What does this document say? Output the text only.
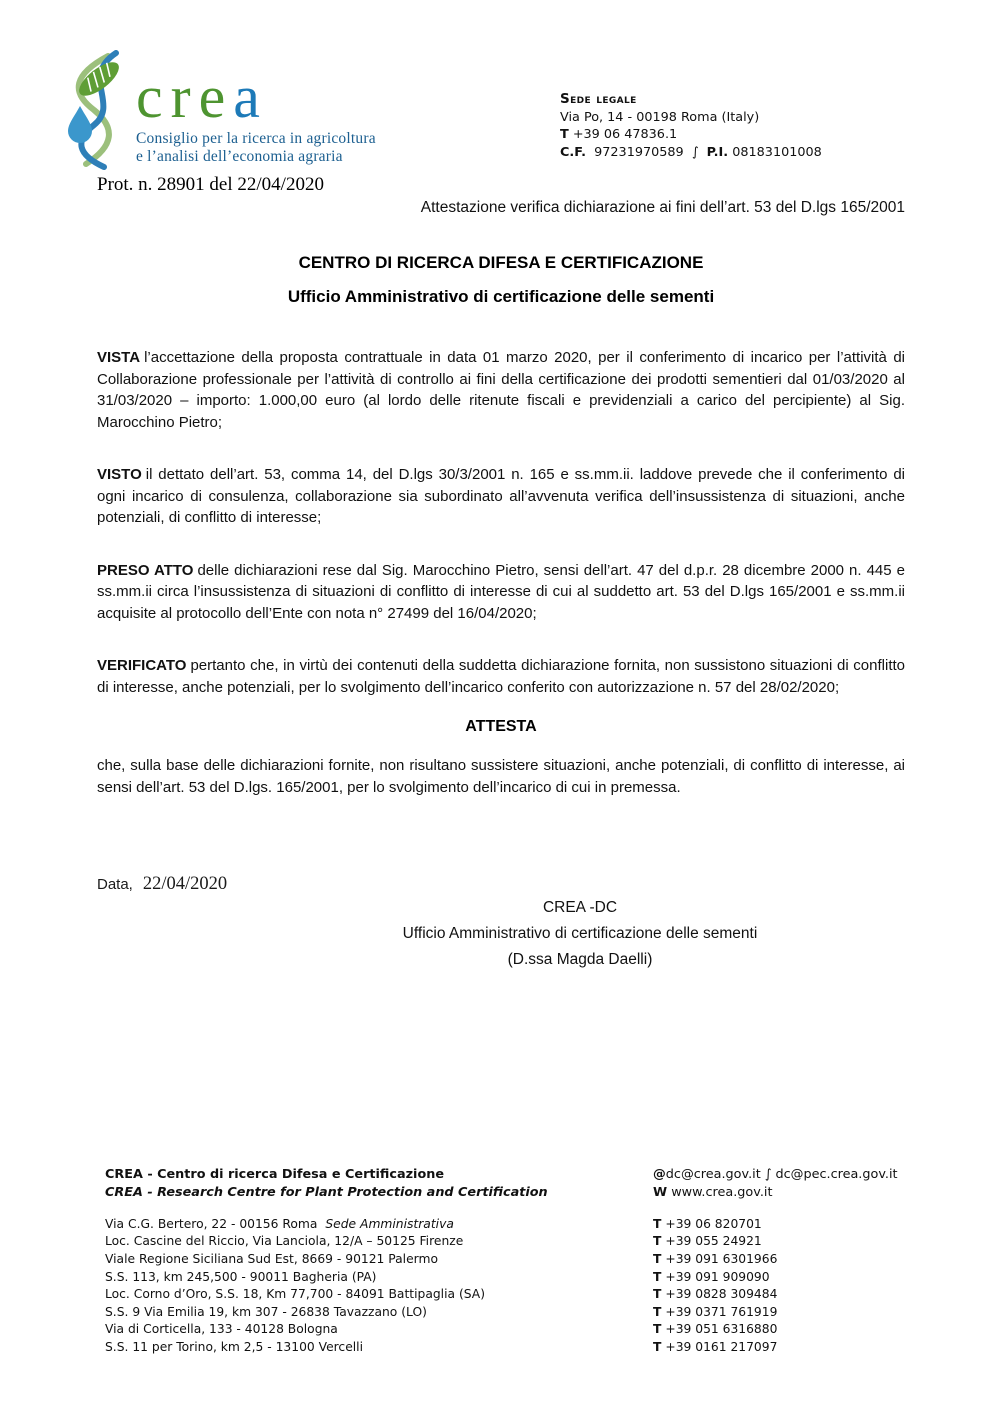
crea
Consiglio per la ricerca in agricoltura
e l’analisi dell’economia agraria
Sede legale
Via Po, 14 - 00198 Roma (Italy)
T +39 06 47836.1
C.F. 97231970589 ∫ P.I. 08183101008
Prot. n. 28901 del 22/04/2020
Attestazione verifica dichiarazione ai fini dell’art. 53 del D.lgs 165/2001
CENTRO DI RICERCA DIFESA E CERTIFICAZIONE
Ufficio Amministrativo di certificazione delle sementi

VISTA l’accettazione della proposta contrattuale in data 01 marzo 2020, per il conferimento di incarico per l’attività di Collaborazione professionale per l’attività di controllo ai fini della certificazione dei prodotti sementieri dal 01/03/2020 al 31/03/2020 – importo: 1.000,00 euro (al lordo delle ritenute fiscali e previdenziali a carico del percipiente) al Sig. Marocchino Pietro;

VISTO il dettato dell’art. 53, comma 14, del D.lgs 30/3/2001 n. 165 e ss.mm.ii. laddove prevede che il conferimento di ogni incarico di consulenza, collaborazione sia subordinato all’avvenuta verifica dell’insussistenza di situazioni, anche potenziali, di conflitto di interesse;

PRESO ATTO delle dichiarazioni rese dal Sig. Marocchino Pietro, sensi dell’art. 47 del d.p.r. 28 dicembre 2000 n. 445 e ss.mm.ii circa l’insussistenza di situazioni di conflitto di interesse di cui al suddetto art. 53 del D.lgs 165/2001 e ss.mm.ii acquisite al protocollo dell’Ente con nota n° 27499 del 16/04/2020;

VERIFICATO pertanto che, in virtù dei contenuti della suddetta dichiarazione fornita, non sussistono situazioni di conflitto di interesse, anche potenziali, per lo svolgimento dell’incarico conferito con autorizzazione n. 57 del 28/02/2020;

ATTESTA

che, sulla base delle dichiarazioni fornite, non risultano sussistere situazioni, anche potenziali, di conflitto di interesse, ai sensi dell’art. 53 del D.lgs. 165/2001, per lo svolgimento dell’incarico di cui in premessa.

Data, 22/04/2020
CREA -DC
Ufficio Amministrativo di certificazione delle sementi
(D.ssa Magda Daelli)
CREA - Centro di ricerca Difesa e Certificazione
CREA - Research Centre for Plant Protection and Certification
@dc@crea.gov.it ∫ dc@pec.crea.gov.it
W www.crea.gov.it
Via C.G. Bertero, 22 - 00156 Roma Sede Amministrativa
Loc. Cascine del Riccio, Via Lanciola, 12/A – 50125 Firenze
Viale Regione Siciliana Sud Est, 8669 - 90121 Palermo
S.S. 113, km 245,500 - 90011 Bagheria (PA)
Loc. Corno d’Oro, S.S. 18, Km 77,700 - 84091 Battipaglia (SA)
S.S. 9 Via Emilia 19, km 307 - 26838 Tavazzano (LO)
Via di Corticella, 133 - 40128 Bologna
S.S. 11 per Torino, km 2,5 - 13100 Vercelli
T +39 06 820701
T +39 055 24921
T +39 091 6301966
T +39 091 909090
T +39 0828 309484
T +39 0371 761919
T +39 051 6316880
T +39 0161 217097
